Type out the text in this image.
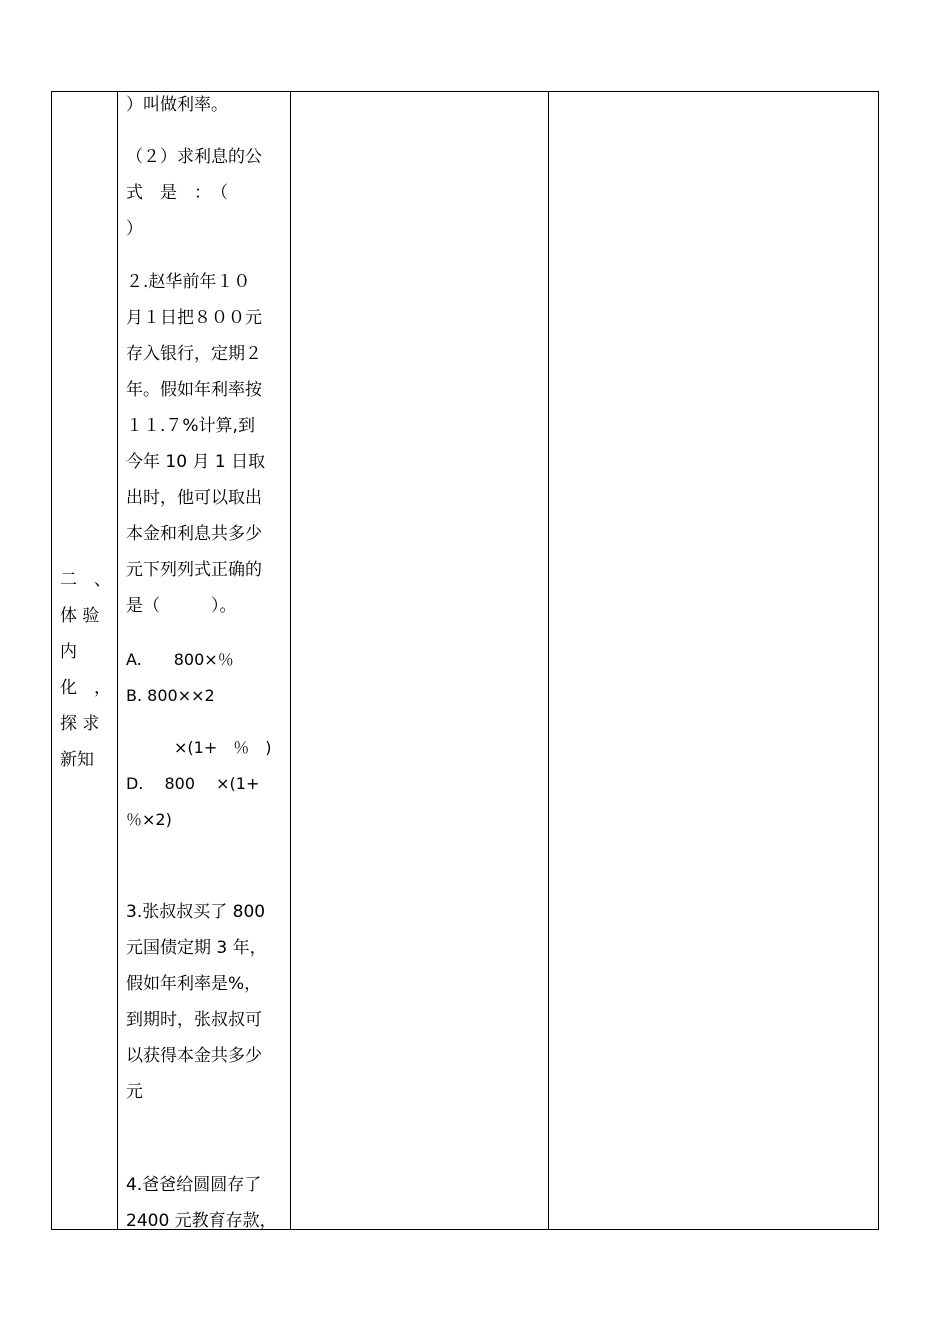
二　、
体 验
内
化　，
探 求
新知
）叫做利率。
（２）求利息的公
式　是　：　（
）
２.赵华前年１０
月１日把８００元
存入银行，定期２
年。假如年利率按
１１.７%计算,到
今年 10 月 1 日取
出时，他可以取出
本金和利息共多少
元下列列式正确的
是（　　　）。
A.　　800×％
B. 800××2
　　　×(1+　％　)
D.　 800　 ×(1+
％×2)
3.张叔叔买了 800
元国债定期 3 年，
假如年利率是%，
到期时，张叔叔可
以获得本金共多少
元
4.爸爸给圆圆存了
2400 元教育存款，
